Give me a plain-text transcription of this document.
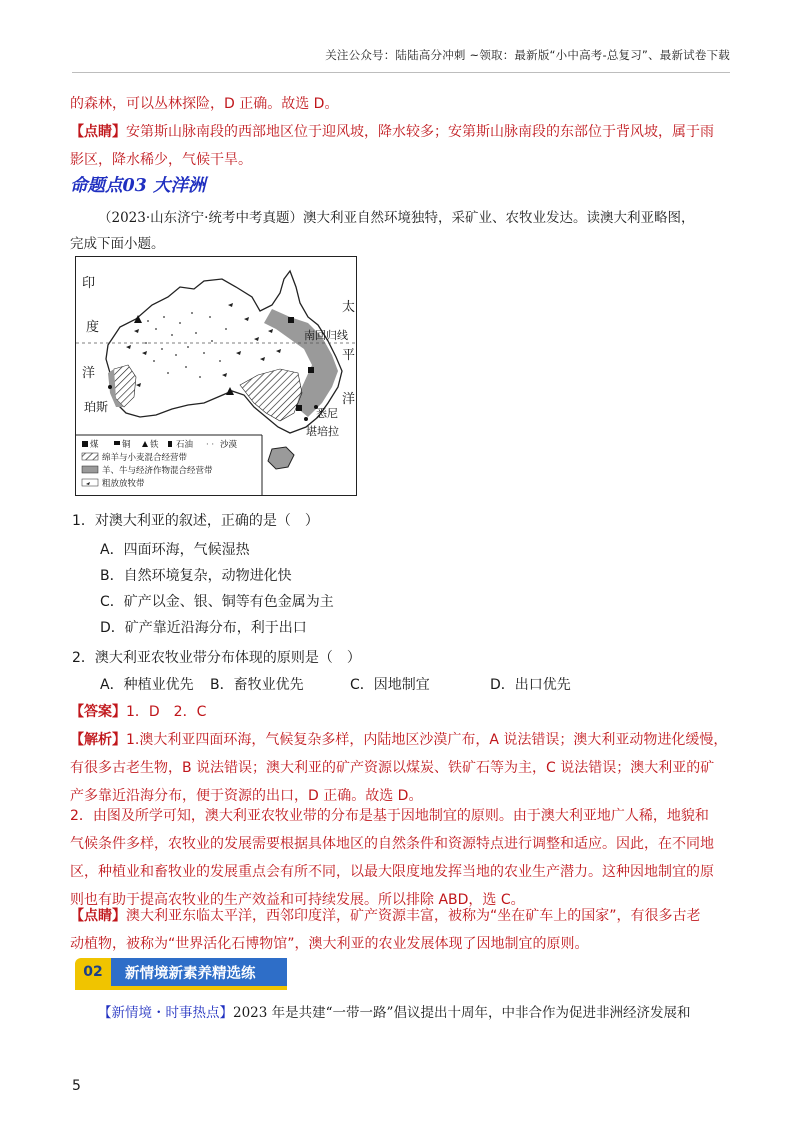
关注公众号：陆陆高分冲刺 ~领取：最新版“小中高考-总复习”、最新试卷下载
的森林，可以丛林探险，D 正确。故选 D。
【点睛】安第斯山脉南段的西部地区位于迎风坡，降水较多；安第斯山脉南段的东部位于背风坡，属于雨
影区，降水稀少，气候干旱。
命题点03 大洋洲
（2023·山东济宁·统考中考真题）澳大利亚自然环境独特，采矿业、农牧业发达。读澳大利亚略图，
完成下面小题。
印
度
洋
珀斯
太
平
洋
南回归线
悉尼
堪培拉
煤	铜 铁 石油 · · 沙漠
绵羊与小麦混合经营带
羊、牛与经济作物混合经营带
粗放放牧带
1．对澳大利亚的叙述，正确的是（　）
A．四面环海，气候湿热
B．自然环境复杂，动物进化快
C．矿产以金、银、铜等有色金属为主
D．矿产靠近沿海分布，利于出口
2．澳大利亚农牧业带分布体现的原则是（　）
A．种植业优先 B．畜牧业优先	C．因地制宜	D．出口优先
【答案】1．D　2．C
【解析】1.澳大利亚四面环海，气候复杂多样，内陆地区沙漠广布，A 说法错误；澳大利亚动物进化缓慢，
有很多古老生物，B 说法错误；澳大利亚的矿产资源以煤炭、铁矿石等为主，C 说法错误；澳大利亚的矿
产多靠近沿海分布，便于资源的出口，D 正确。故选 D。
2．由图及所学可知，澳大利亚农牧业带的分布是基于因地制宜的原则。由于澳大利亚地广人稀，地貌和
气候条件多样，农牧业的发展需要根据具体地区的自然条件和资源特点进行调整和适应。因此，在不同地
区，种植业和畜牧业的发展重点会有所不同，以最大限度地发挥当地的农业生产潜力。这种因地制宜的原
则也有助于提高农牧业的生产效益和可持续发展。所以排除 ABD，选 C。
【点睛】澳大利亚东临太平洋，西邻印度洋，矿产资源丰富，被称为“坐在矿车上的国家”，有很多古老
动植物，被称为“世界活化石博物馆”，澳大利亚的农业发展体现了因地制宜的原则。
02	新情境新素养精选练
【新情境・时事热点】2023 年是共建“一带一路”倡议提出十周年，中非合作为促进非洲经济发展和
5
